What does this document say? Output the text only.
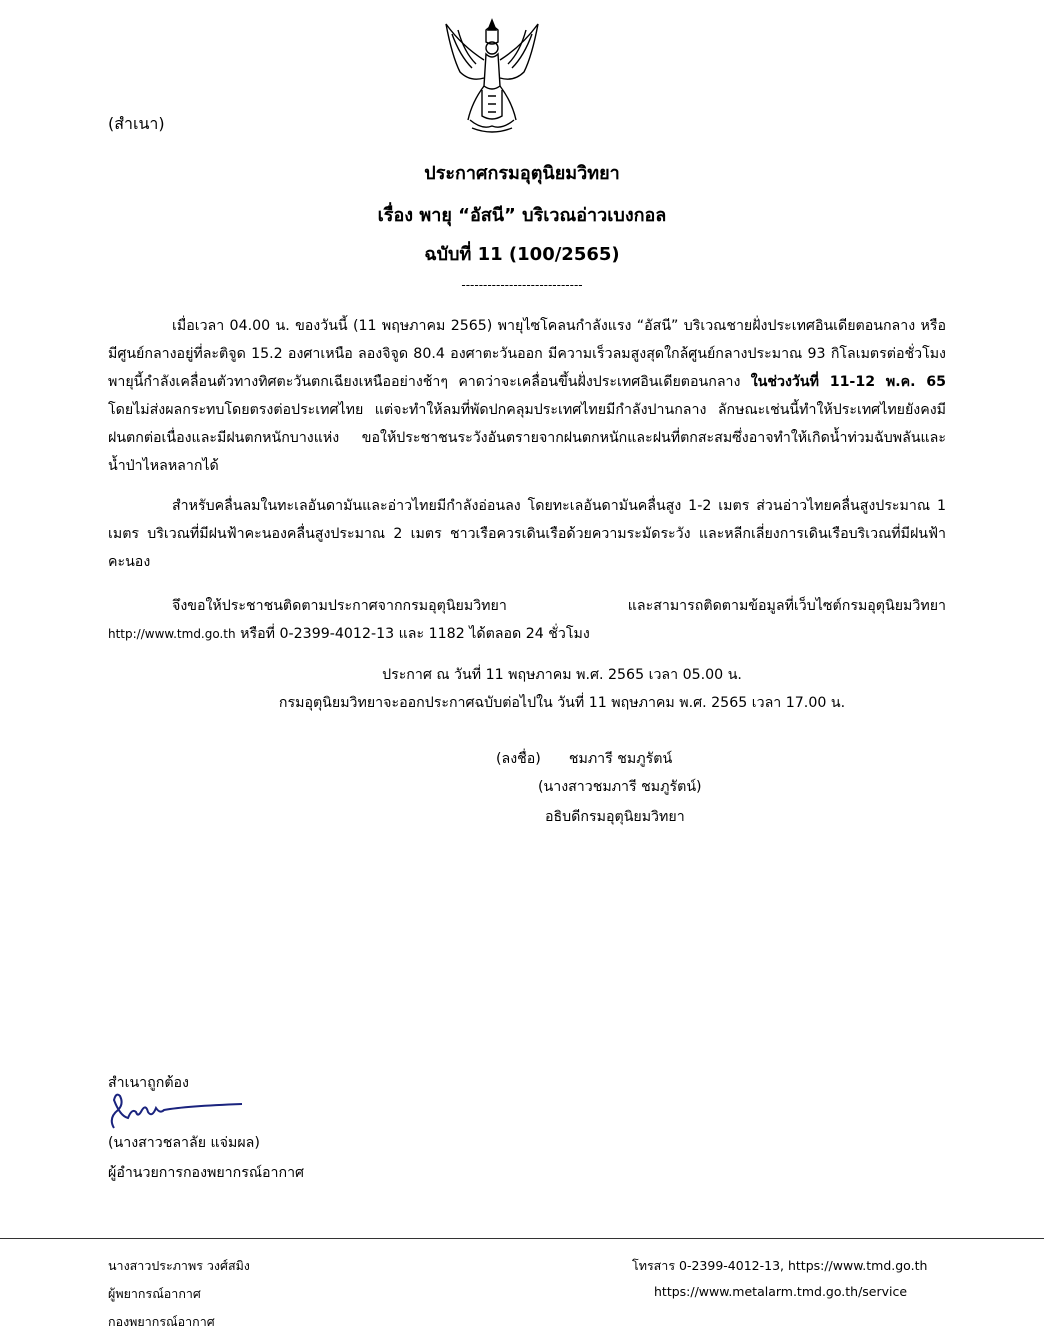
(สำเนา)
ประกาศกรมอุตุนิยมวิทยา
เรื่อง พายุ “อัสนี” บริเวณอ่าวเบงกอล
ฉบับที่ 11 (100/2565)
----------------------------

เมื่อเวลา 04.00 น. ของวันนี้ (11 พฤษภาคม 2565) พายุไซโคลนกำลังแรง “อัสนี” บริเวณชายฝั่งประเทศอินเดียตอนกลาง หรือมีศูนย์กลางอยู่ที่ละติจูด 15.2 องศาเหนือ ลองจิจูด 80.4 องศาตะวันออก มีความเร็วลมสูงสุดใกล้ศูนย์กลางประมาณ 93 กิโลเมตรต่อชั่วโมง พายุนี้กำลังเคลื่อนตัวทางทิศตะวันตกเฉียงเหนืออย่างช้าๆ คาดว่าจะเคลื่อนขึ้นฝั่งประเทศอินเดียตอนกลาง ในช่วงวันที่ 11-12 พ.ค. 65 โดยไม่ส่งผลกระทบโดยตรงต่อประเทศไทย แต่จะทำให้ลมที่พัดปกคลุมประเทศไทยมีกำลังปานกลาง ลักษณะเช่นนี้ทำให้ประเทศไทยยังคงมีฝนตกต่อเนื่องและมีฝนตกหนักบางแห่ง ขอให้ประชาชนระวังอันตรายจากฝนตกหนักและฝนที่ตกสะสมซึ่งอาจทำให้เกิดน้ำท่วมฉับพลันและน้ำป่าไหลหลากได้

สำหรับคลื่นลมในทะเลอันดามันและอ่าวไทยมีกำลังอ่อนลง โดยทะเลอันดามันคลื่นสูง 1-2 เมตร ส่วนอ่าวไทยคลื่นสูงประมาณ 1 เมตร บริเวณที่มีฝนฟ้าคะนองคลื่นสูงประมาณ 2 เมตร ชาวเรือควรเดินเรือด้วยความระมัดระวัง และหลีกเลี่ยงการเดินเรือบริเวณที่มีฝนฟ้าคะนอง

จึงขอให้ประชาชนติดตามประกาศจากกรมอุตุนิยมวิทยา และสามารถติดตามข้อมูลที่เว็บไซต์กรมอุตุนิยมวิทยา http://www.tmd.go.th หรือที่ 0-2399-4012-13 และ 1182 ได้ตลอด 24 ชั่วโมง

ประกาศ ณ วันที่ 11 พฤษภาคม พ.ศ. 2565 เวลา 05.00 น.
กรมอุตุนิยมวิทยาจะออกประกาศฉบับต่อไปใน วันที่ 11 พฤษภาคม พ.ศ. 2565 เวลา 17.00 น.
(ลงชื่อ) ชมภารี ชมภูรัตน์
(นางสาวชมภารี ชมภูรัตน์)
อธิบดีกรมอุตุนิยมวิทยา
สำเนาถูกต้อง
(นางสาวชลาลัย แจ่มผล)
ผู้อำนวยการกองพยากรณ์อากาศ
นางสาวประภาพร วงศ์สมิง
ผู้พยากรณ์อากาศ
กองพยากรณ์อากาศ
โทรสาร 0-2399-4012-13, https://www.tmd.go.th
https://www.metalarm.tmd.go.th/service
